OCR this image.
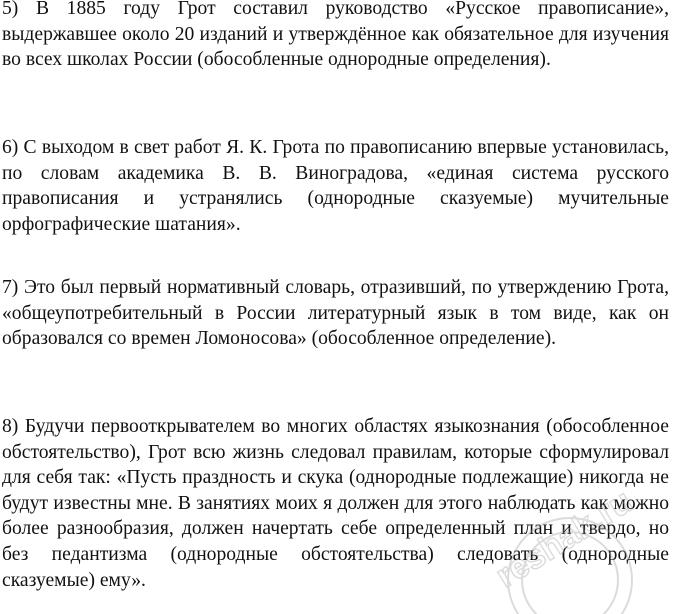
5) В 1885 году Грот составил руководство «Русское правописание», выдержавшее около 20 изданий и утверждённое как обязательное для изучения во всех школах России (обособленные однородные определения).

6) С выходом в свет работ Я. К. Грота по правописанию впервые установилась, по словам академика В. В. Виноградова, «единая система русского правописания и устранялись (однородные сказуемые) мучительные орфографические шатания».

7) Это был первый нормативный словарь, отразивший, по утверждению Грота, «общеупотребительный в России литературный язык в том виде, как он образовался со времен Ломоносова» (обособленное определение).

8) Будучи первооткрывателем во многих областях языкознания (обособленное обстоятельство), Грот всю жизнь следовал правилам, которые сформулировал для себя так: «Пусть праздность и скука (однородные подлежащие) никогда не будут известны мне. В занятиях моих я должен для этого наблюдать как можно более разнообразия, должен начертать себе определенный план и твердо, но без педантизма (однородные обстоятельства) следовать (однородные сказуемые) ему».	reshak.ru
